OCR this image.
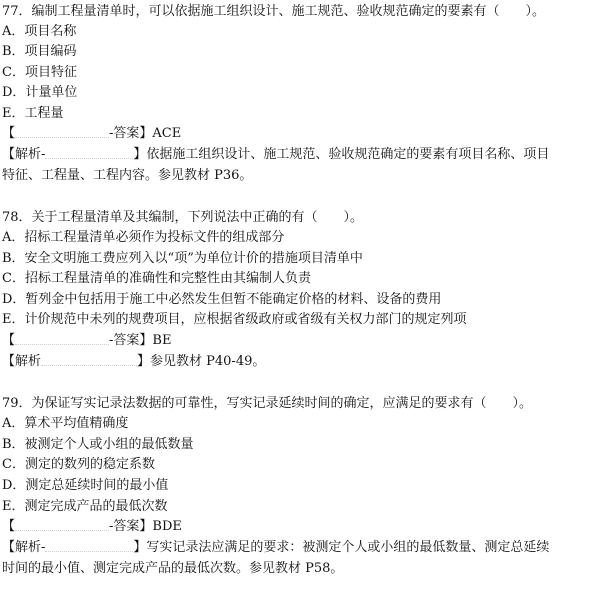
77．编制工程量清单时，可以依据施工组织设计、施工规范、验收规范确定的要素有（　　）。
A．项目名称
B．项目编码
C．项目特征
D．计量单位
E．工程量
【	-答案】ACE
【解析-	】依据施工组织设计、施工规范、验收规范确定的要素有项目名称、项目
特征、工程量、工程内容。参见教材 P36。
78．关于工程量清单及其编制，下列说法中正确的有（　　）。
A．招标工程量清单必须作为投标文件的组成部分
B．安全文明施工费应列入以“项”为单位计价的措施项目清单中
C．招标工程量清单的准确性和完整性由其编制人负责
D．暂列金中包括用于施工中必然发生但暂不能确定价格的材料、设备的费用
E．计价规范中未列的规费项目，应根据省级政府或省级有关权力部门的规定列项
【	-答案】BE
【解析	】参见教材 P40-49。
79．为保证写实记录法数据的可靠性，写实记录延续时间的确定，应满足的要求有（　　）。
A．算术平均值精确度
B．被测定个人或小组的最低数量
C．测定的数列的稳定系数
D．测定总延续时间的最小值
E．测定完成产品的最低次数
【	-答案】BDE
【解析-	】写实记录法应满足的要求：被测定个人或小组的最低数量、测定总延续
时间的最小值、测定完成产品的最低次数。参见教材 P58。
